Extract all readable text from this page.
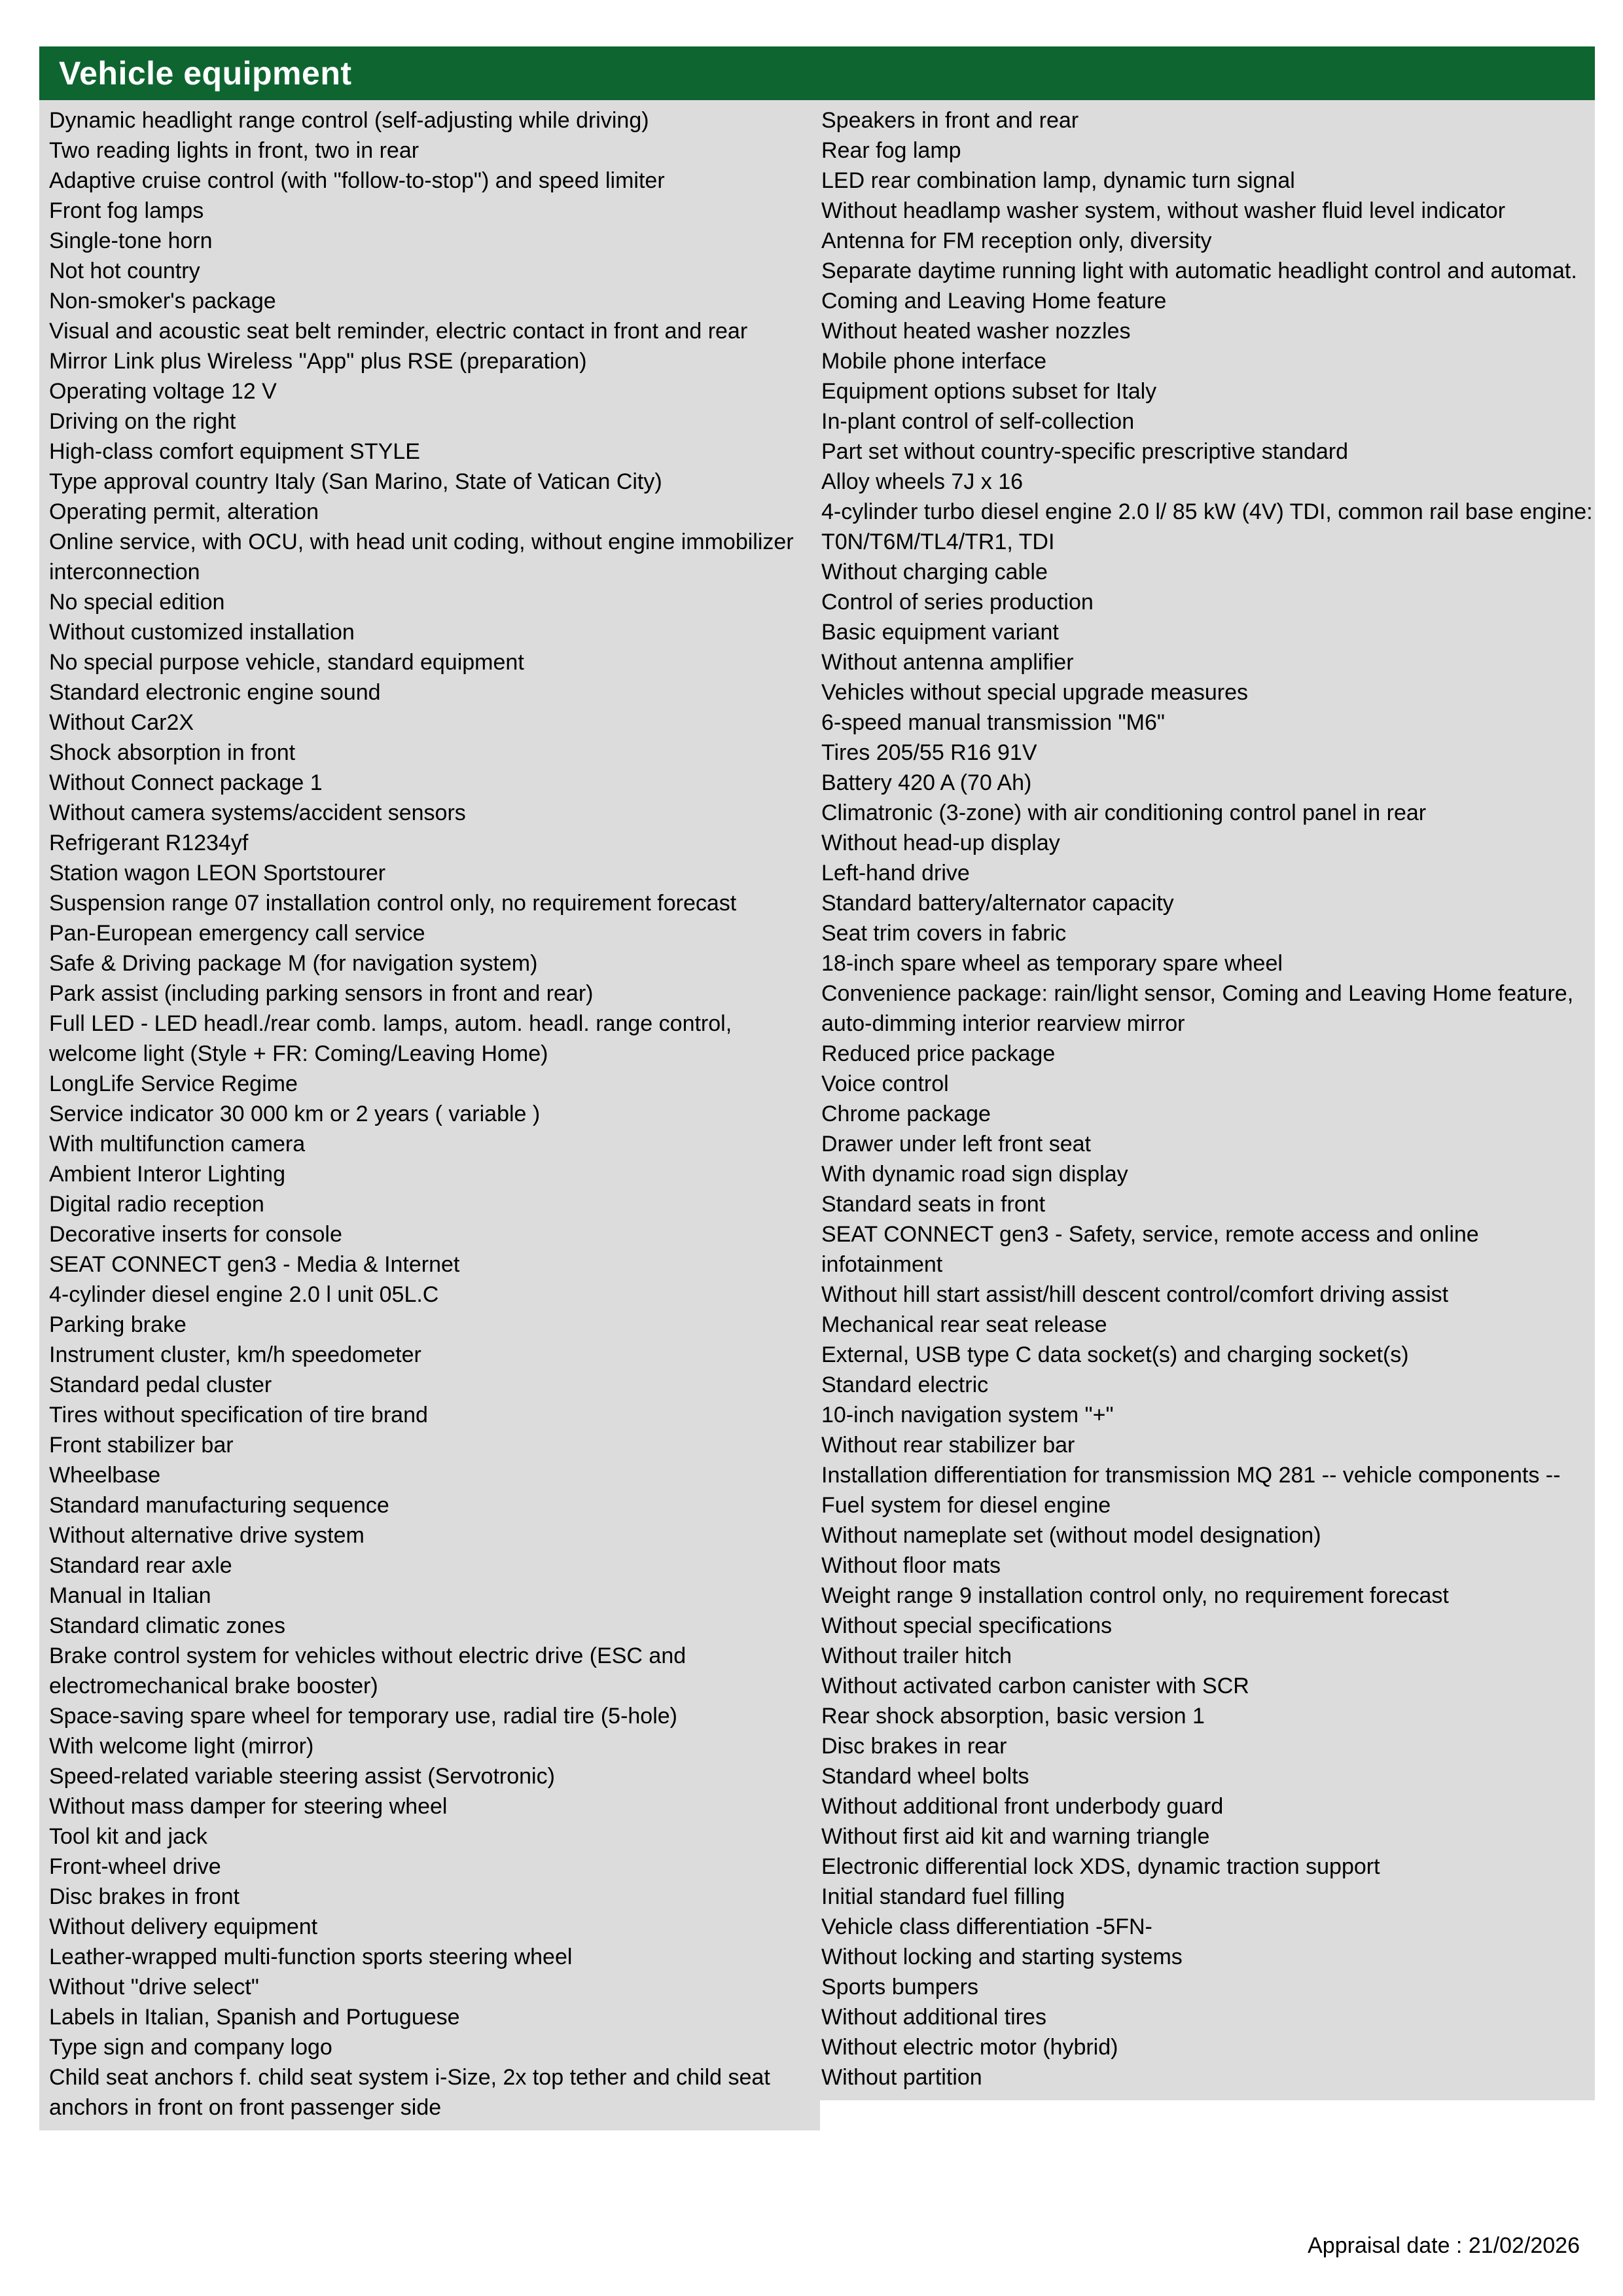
Vehicle equipment
Dynamic headlight range control (self-adjusting while driving)
Two reading lights in front, two in rear
Adaptive cruise control (with "follow-to-stop") and speed limiter
Front fog lamps
Single-tone horn
Not hot country
Non-smoker's package
Visual and acoustic seat belt reminder, electric contact in front and rear
Mirror Link plus Wireless "App" plus RSE (preparation)
Operating voltage 12 V
Driving on the right
High-class comfort equipment STYLE
Type approval country Italy (San Marino, State of Vatican City)
Operating permit, alteration
Online service, with OCU, with head unit coding, without engine immobilizer interconnection
No special edition
Without customized installation
No special purpose vehicle, standard equipment
Standard electronic engine sound
Without Car2X
Shock absorption in front
Without Connect package 1
Without camera systems/accident sensors
Refrigerant R1234yf
Station wagon LEON Sportstourer
Suspension range 07 installation control only, no requirement forecast
Pan-European emergency call service
Safe & Driving package M (for navigation system)
Park assist (including parking sensors in front and rear)
Full LED - LED headl./rear comb. lamps, autom. headl. range control, welcome light (Style + FR: Coming/Leaving Home)
LongLife Service Regime
Service indicator 30 000 km or 2 years ( variable )
With multifunction camera
Ambient Interor Lighting
Digital radio reception
Decorative inserts for console
SEAT CONNECT gen3 - Media & Internet
4-cylinder diesel engine 2.0 l unit 05L.C
Parking brake
Instrument cluster, km/h speedometer
Standard pedal cluster
Tires without specification of tire brand
Front stabilizer bar
Wheelbase
Standard manufacturing sequence
Without alternative drive system
Standard rear axle
Manual in Italian
Standard climatic zones
Brake control system for vehicles without electric drive (ESC and electromechanical brake booster)
Space-saving spare wheel for temporary use, radial tire (5-hole)
With welcome light (mirror)
Speed-related variable steering assist (Servotronic)
Without mass damper for steering wheel
Tool kit and jack
Front-wheel drive
Disc brakes in front
Without delivery equipment
Leather-wrapped multi-function sports steering wheel
Without "drive select"
Labels in Italian, Spanish and Portuguese
Type sign and company logo
Child seat anchors f. child seat system i-Size, 2x top tether and child seat anchors in front on front passenger side
Speakers in front and rear
Rear fog lamp
LED rear combination lamp, dynamic turn signal
Without headlamp washer system, without washer fluid level indicator
Antenna for FM reception only, diversity
Separate daytime running light with automatic headlight control and automat.
Coming and Leaving Home feature
Without heated washer nozzles
Mobile phone interface
Equipment options subset for Italy
In-plant control of self-collection
Part set without country-specific prescriptive standard
Alloy wheels 7J x 16
4-cylinder turbo diesel engine 2.0 l/ 85 kW (4V) TDI, common rail base engine: T0N/T6M/TL4/TR1, TDI
Without charging cable
Control of series production
Basic equipment variant
Without antenna amplifier
Vehicles without special upgrade measures
6-speed manual transmission "M6"
Tires 205/55 R16 91V
Battery 420 A (70 Ah)
Climatronic (3-zone) with air conditioning control panel in rear
Without head-up display
Left-hand drive
Standard battery/alternator capacity
Seat trim covers in fabric
18-inch spare wheel as temporary spare wheel
Convenience package: rain/light sensor, Coming and Leaving Home feature, auto-dimming interior rearview mirror
Reduced price package
Voice control
Chrome package
Drawer under left front seat
With dynamic road sign display
Standard seats in front
SEAT CONNECT gen3 - Safety, service, remote access and online infotainment
Without hill start assist/hill descent control/comfort driving assist
Mechanical rear seat release
External, USB type C data socket(s) and charging socket(s)
Standard electric
10-inch navigation system "+"
Without rear stabilizer bar
Installation differentiation for transmission MQ 281 -- vehicle components --
Fuel system for diesel engine
Without nameplate set (without model designation)
Without floor mats
Weight range 9 installation control only, no requirement forecast
Without special specifications
Without trailer hitch
Without activated carbon canister with SCR
Rear shock absorption, basic version 1
Disc brakes in rear
Standard wheel bolts
Without additional front underbody guard
Without first aid kit and warning triangle
Electronic differential lock XDS, dynamic traction support
Initial standard fuel filling
Vehicle class differentiation -5FN-
Without locking and starting systems
Sports bumpers
Without additional tires
Without electric motor (hybrid)
Without partition
Appraisal date : 21/02/2026
